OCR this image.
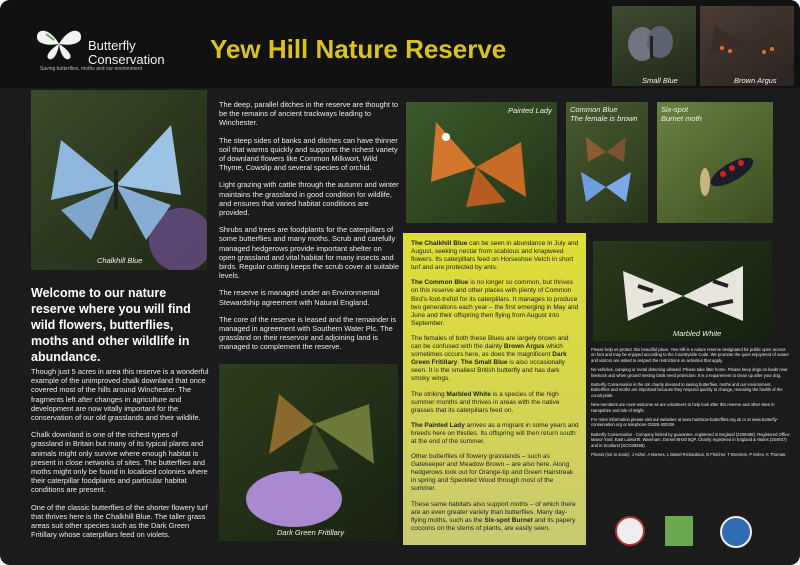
Butterfly
Conservation
Saving butterflies, moths and our environment
Yew Hill Nature Reserve
Small Blue	Brown Argus
Chalkhill Blue
Welcome to our nature reserve where you will find wild flowers, butterflies, moths and other wildlife in abundance.

Though just 5 acres in area this reserve is a wonderful example of the unimproved chalk downland that once covered most of the hills around Winchester. The fragments left after changes in agriculture and development are now vitally important for the conservation of our old grasslands and their wildlife.

Chalk downland is one of the richest types of grassland in Britain but many of its typical plants and animals might only survive where enough habitat is present in close networks of sites. The butterflies and moths might only be found in localised colonies where their caterpillar foodplants and particular habitat conditions are present.

One of the classic butterflies of the shorter flowery turf that thrives here is the Chalkhill Blue. The taller grass areas suit other species such as the Dark Green Fritillary whose caterpillars feed on violets.

The deep, parallel ditches in the reserve are thought to be the remains of ancient trackways leading to Winchester.

The steep sides of banks and ditches can have thinner soil that warms quickly and supports the richest variety of downland flowers like Common Milkwort, Wild Thyme, Cowslip and several species of orchid.

Light grazing with cattle through the autumn and winter maintains the grassland in good condition for wildlife, and ensures that varied habitat conditions are provided.

Shrubs and trees are foodplants for the caterpillars of some butterflies and many moths. Scrub and carefully managed hedgerows provide important shelter on open grassland and vital habitat for many insects and birds. Regular cutting keeps the scrub cover at suitable levels.

The reserve is managed under an Environmental Stewardship agreement with Natural England.

The core of the reserve is leased and the remainder is managed in agreement with Southern Water Plc. The grassland on their reservoir and adjoining land is managed to complement the reserve.

Dark Green Fritillary
Painted Lady Common Blue
The female is brown
Six-spot
Burnet moth
Marbled White

The Chalkhill Blue can be seen in abundance in July and August, seeking nectar from scabious and knapweed flowers. Its caterpillars feed on Horseshoe Vetch in short turf and are protected by ants.

The Common Blue is no longer so common, but thrives on this reserve and other places with plenty of Common Bird's-foot-trefoil for its caterpillars. It manages to produce two generations each year – the first emerging in May and June and their offspring then flying from August into September.

The females of both these Blues are largely brown and can be confused with the dainty Brown Argus which sometimes occurs here, as does the magnificent Dark Green Fritillary. The Small Blue is also occasionally seen. It is the smallest British butterfly and has dark smoky wings.

The striking Marbled White is a species of the high summer months and thrives in areas with the native grasses that its caterpillars feed on.

The Painted Lady arrives as a migrant in some years and breeds here on thistles. Its offspring will then return south at the end of the summer.

Other butterflies of flowery grasslands – such as Gatekeeper and Meadow Brown – are also here. Along hedgerows look out for Orange-tip and Green Hairstreak in spring and Speckled Wood through most of the summer.

These same habitats also support moths – of which there are an even greater variety than butterflies. Many day-flying moths, such as the Six-spot Burnet and its papery cocoons on the stems of plants, are easily seen.

Please help us protect this beautiful place. Yew Hill is a nature reserve designated for public open access on foot and may be enjoyed according to the Countryside Code. We promote the quiet enjoyment of nature and visitors are asked to respect the restrictions on activities that apply.

No vehicles, camping or metal detecting allowed. Please take litter home. Please keep dogs on leads near livestock and when ground nesting birds need protection. It is a requirement to clean up after your dog.

Butterfly Conservation is the UK charity devoted to saving butterflies, moths and our environment. Butterflies and moths are important because they respond quickly to change, revealing the health of the countryside.

New members are most welcome as are volunteers to help look after this reserve and other sites in Hampshire and Isle of Wight.

For more information please visit our websites at www.hantsiow-butterflies.org.uk or at www.butterfly-conservation.org or telephone 01929 400209

Butterfly Conservation - Company limited by guarantee, registered in England (2206468). Registered Office: Manor Yard, East Lulworth, Wareham, Dorset BH20 5QP. Charity registered in England & Wales (254937) and in Scotland (SCO39268).

Photos (not to scale): J Asher, A Barnes, L Bissel-Richardson, B Fletcher, T Brereton, P Eeles, K Thomas.
